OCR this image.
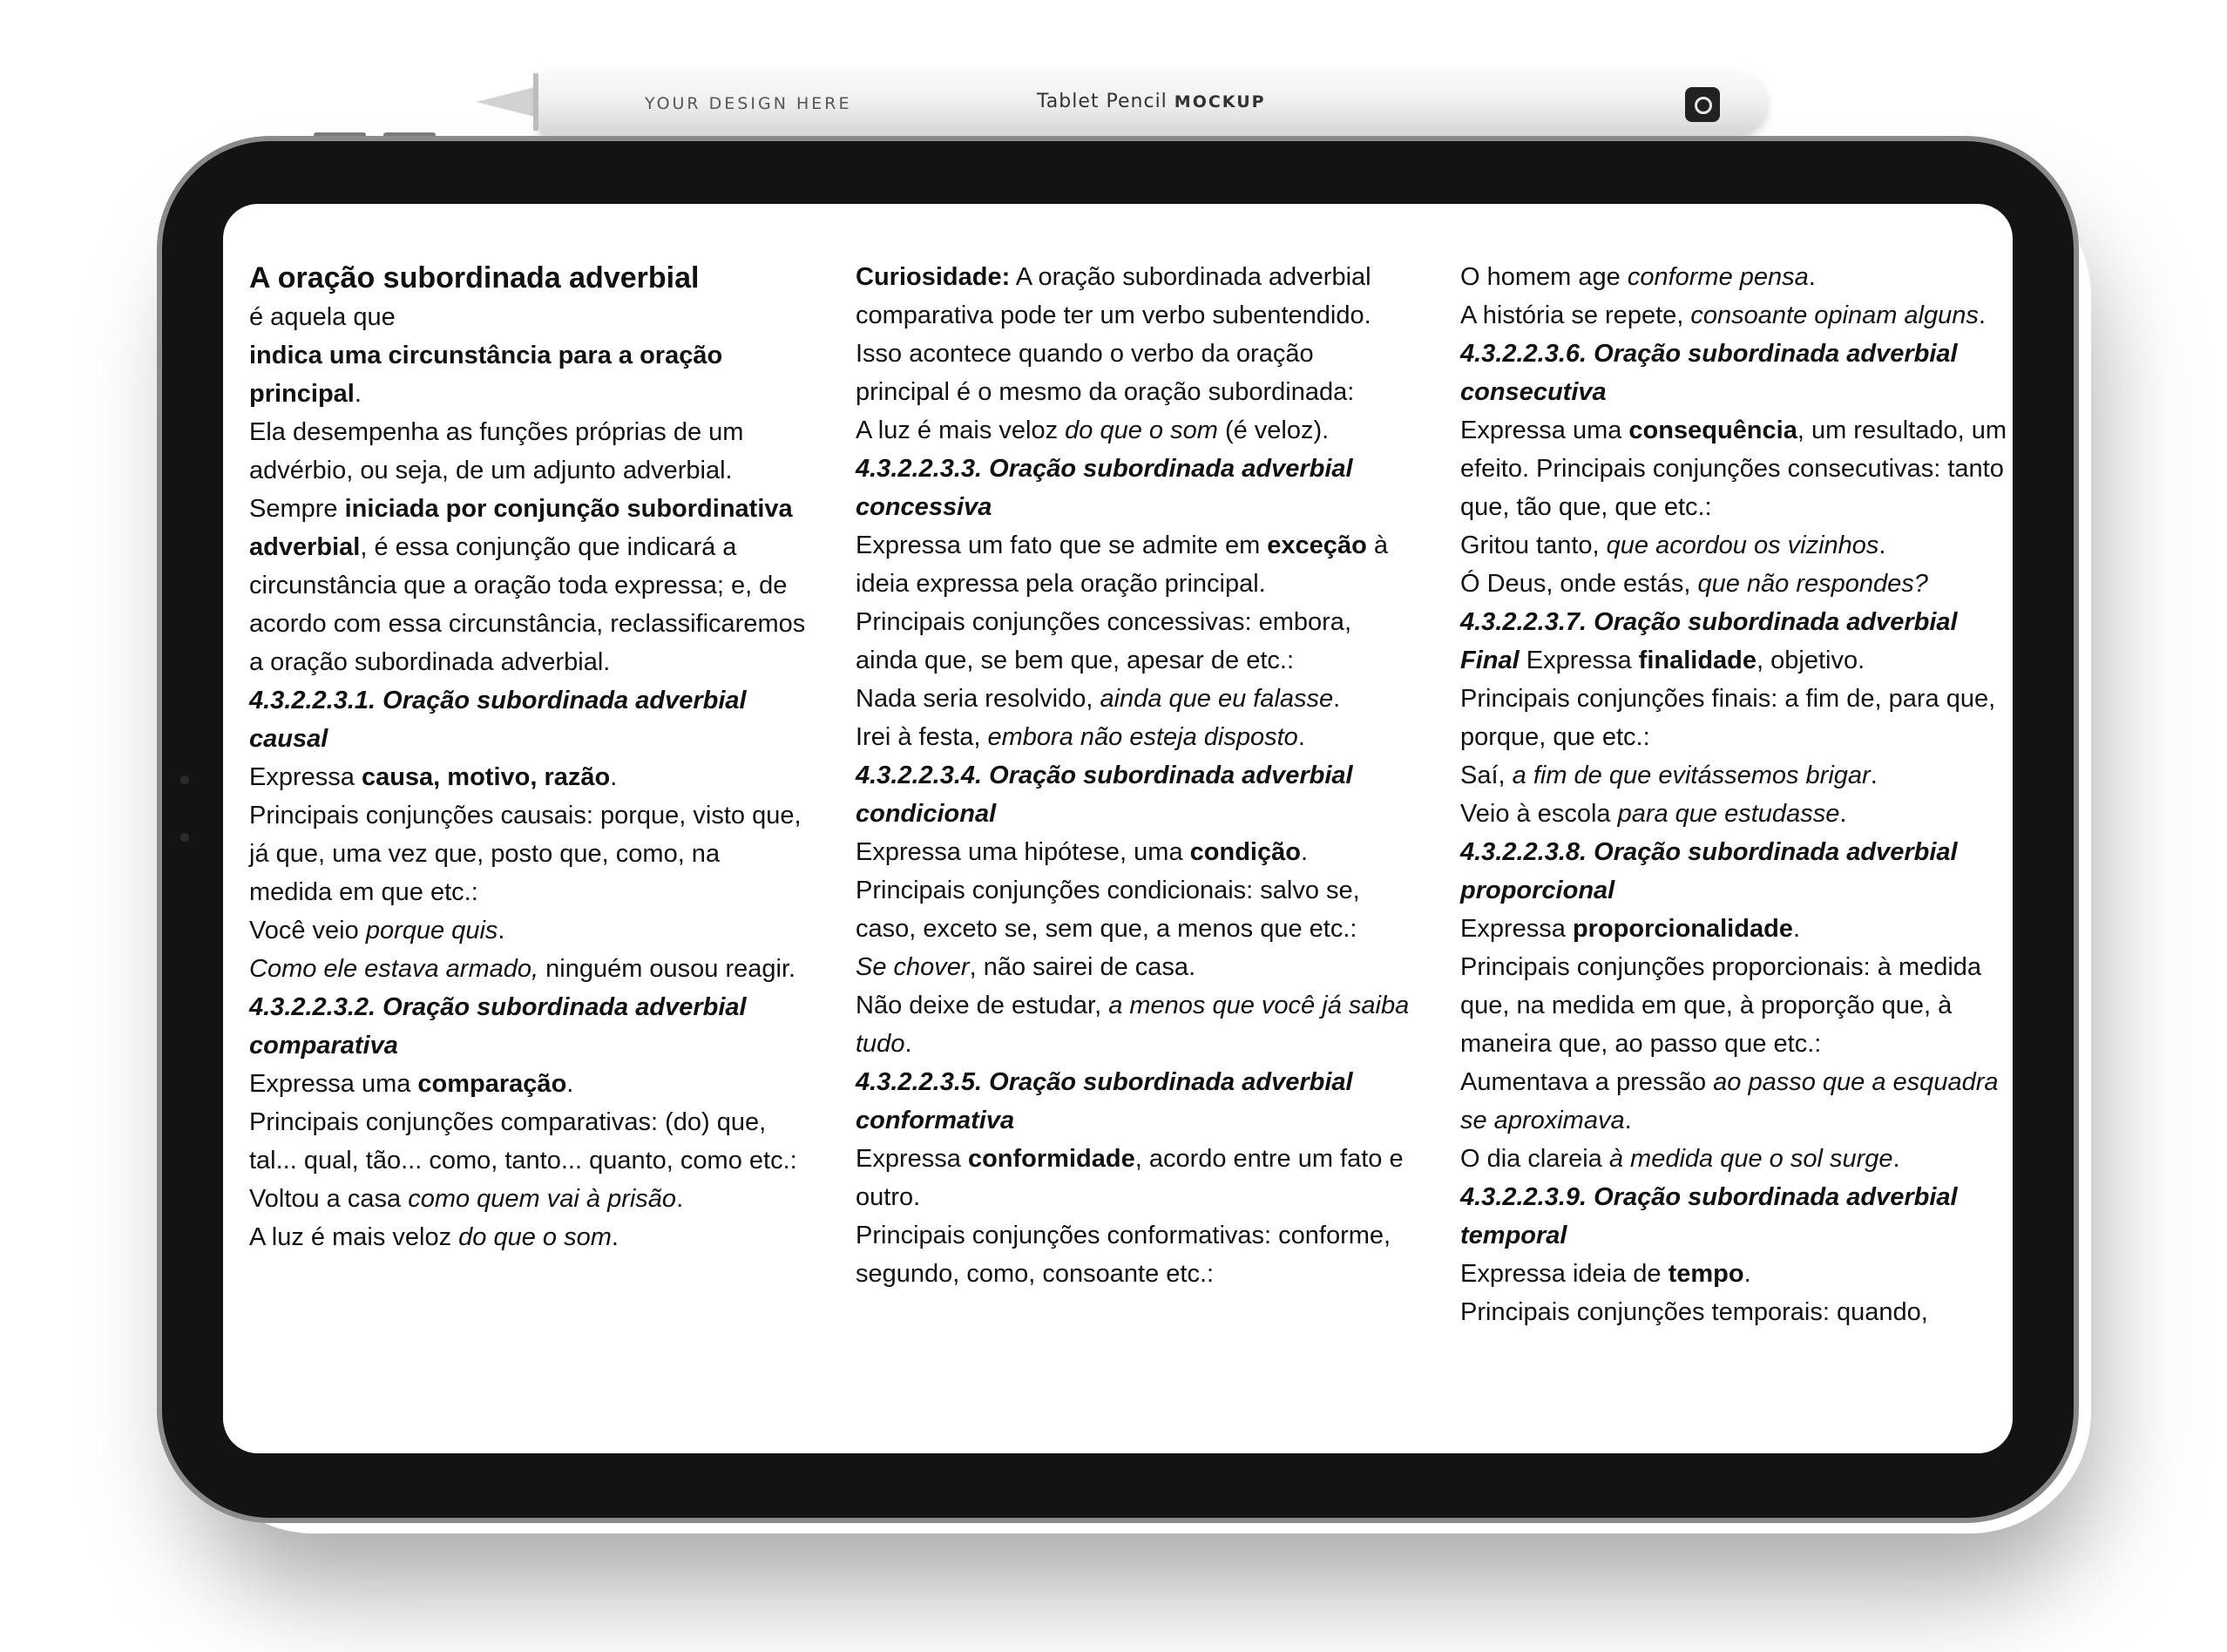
YOUR DESIGN HERE	Tablet Pencil MOCKUP

A oração subordinada adverbial

é aquela que

indica uma circunstância para a oração principal.

Ela desempenha as funções próprias de um advérbio, ou seja, de um adjunto adverbial.

Sempre iniciada por conjunção subordinativa adverbial, é essa conjunção que indicará a circunstância que a oração toda expressa; e, de acordo com essa circunstância, reclassificaremos a oração subordinada adverbial.

4.3.2.2.3.1. Oração subordinada adverbial causal

Expressa causa, motivo, razão.

Principais conjunções causais: porque, visto que, já que, uma vez que, posto que, como, na medida em que etc.:

Você veio porque quis.

Como ele estava armado, ninguém ousou reagir.

4.3.2.2.3.2. Oração subordinada adverbial comparativa

Expressa uma comparação.

Principais conjunções comparativas: (do) que, tal... qual, tão... como, tanto... quanto, como etc.:

Voltou a casa como quem vai à prisão.

A luz é mais veloz do que o som.

Curiosidade: A oração subordinada adverbial

comparativa pode ter um verbo subentendido.

Isso acontece quando o verbo da oração principal é o mesmo da oração subordinada:

A luz é mais veloz do que o som (é veloz).

4.3.2.2.3.3. Oração subordinada adverbial concessiva

Expressa um fato que se admite em exceção à ideia expressa pela oração principal.

Principais conjunções concessivas: embora, ainda que, se bem que, apesar de etc.:

Nada seria resolvido, ainda que eu falasse.

Irei à festa, embora não esteja disposto.

4.3.2.2.3.4. Oração subordinada adverbial condicional

Expressa uma hipótese, uma condição.

Principais conjunções condicionais: salvo se, caso, exceto se, sem que, a menos que etc.:

Se chover, não sairei de casa.

Não deixe de estudar, a menos que você já saiba tudo.

4.3.2.2.3.5. Oração subordinada adverbial conformativa

Expressa conformidade, acordo entre um fato e outro.

Principais conjunções conformativas: conforme, segundo, como, consoante etc.:

O homem age conforme pensa.

A história se repete, consoante opinam alguns.

4.3.2.2.3.6. Oração subordinada adverbial consecutiva

Expressa uma consequência, um resultado, um efeito. Principais conjunções consecutivas: tanto que, tão que, que etc.:

Gritou tanto, que acordou os vizinhos.

Ó Deus, onde estás, que não respondes?

4.3.2.2.3.7. Oração subordinada adverbial Final Expressa finalidade, objetivo.

Principais conjunções finais: a fim de, para que, porque, que etc.:

Saí, a fim de que evitássemos brigar.

Veio à escola para que estudasse.

4.3.2.2.3.8. Oração subordinada adverbial proporcional

Expressa proporcionalidade.

Principais conjunções proporcionais: à medida que, na medida em que, à proporção que, à maneira que, ao passo que etc.:

Aumentava a pressão ao passo que a esquadra se aproximava.

O dia clareia à medida que o sol surge.

4.3.2.2.3.9. Oração subordinada adverbial temporal

Expressa ideia de tempo.

Principais conjunções temporais: quando,
